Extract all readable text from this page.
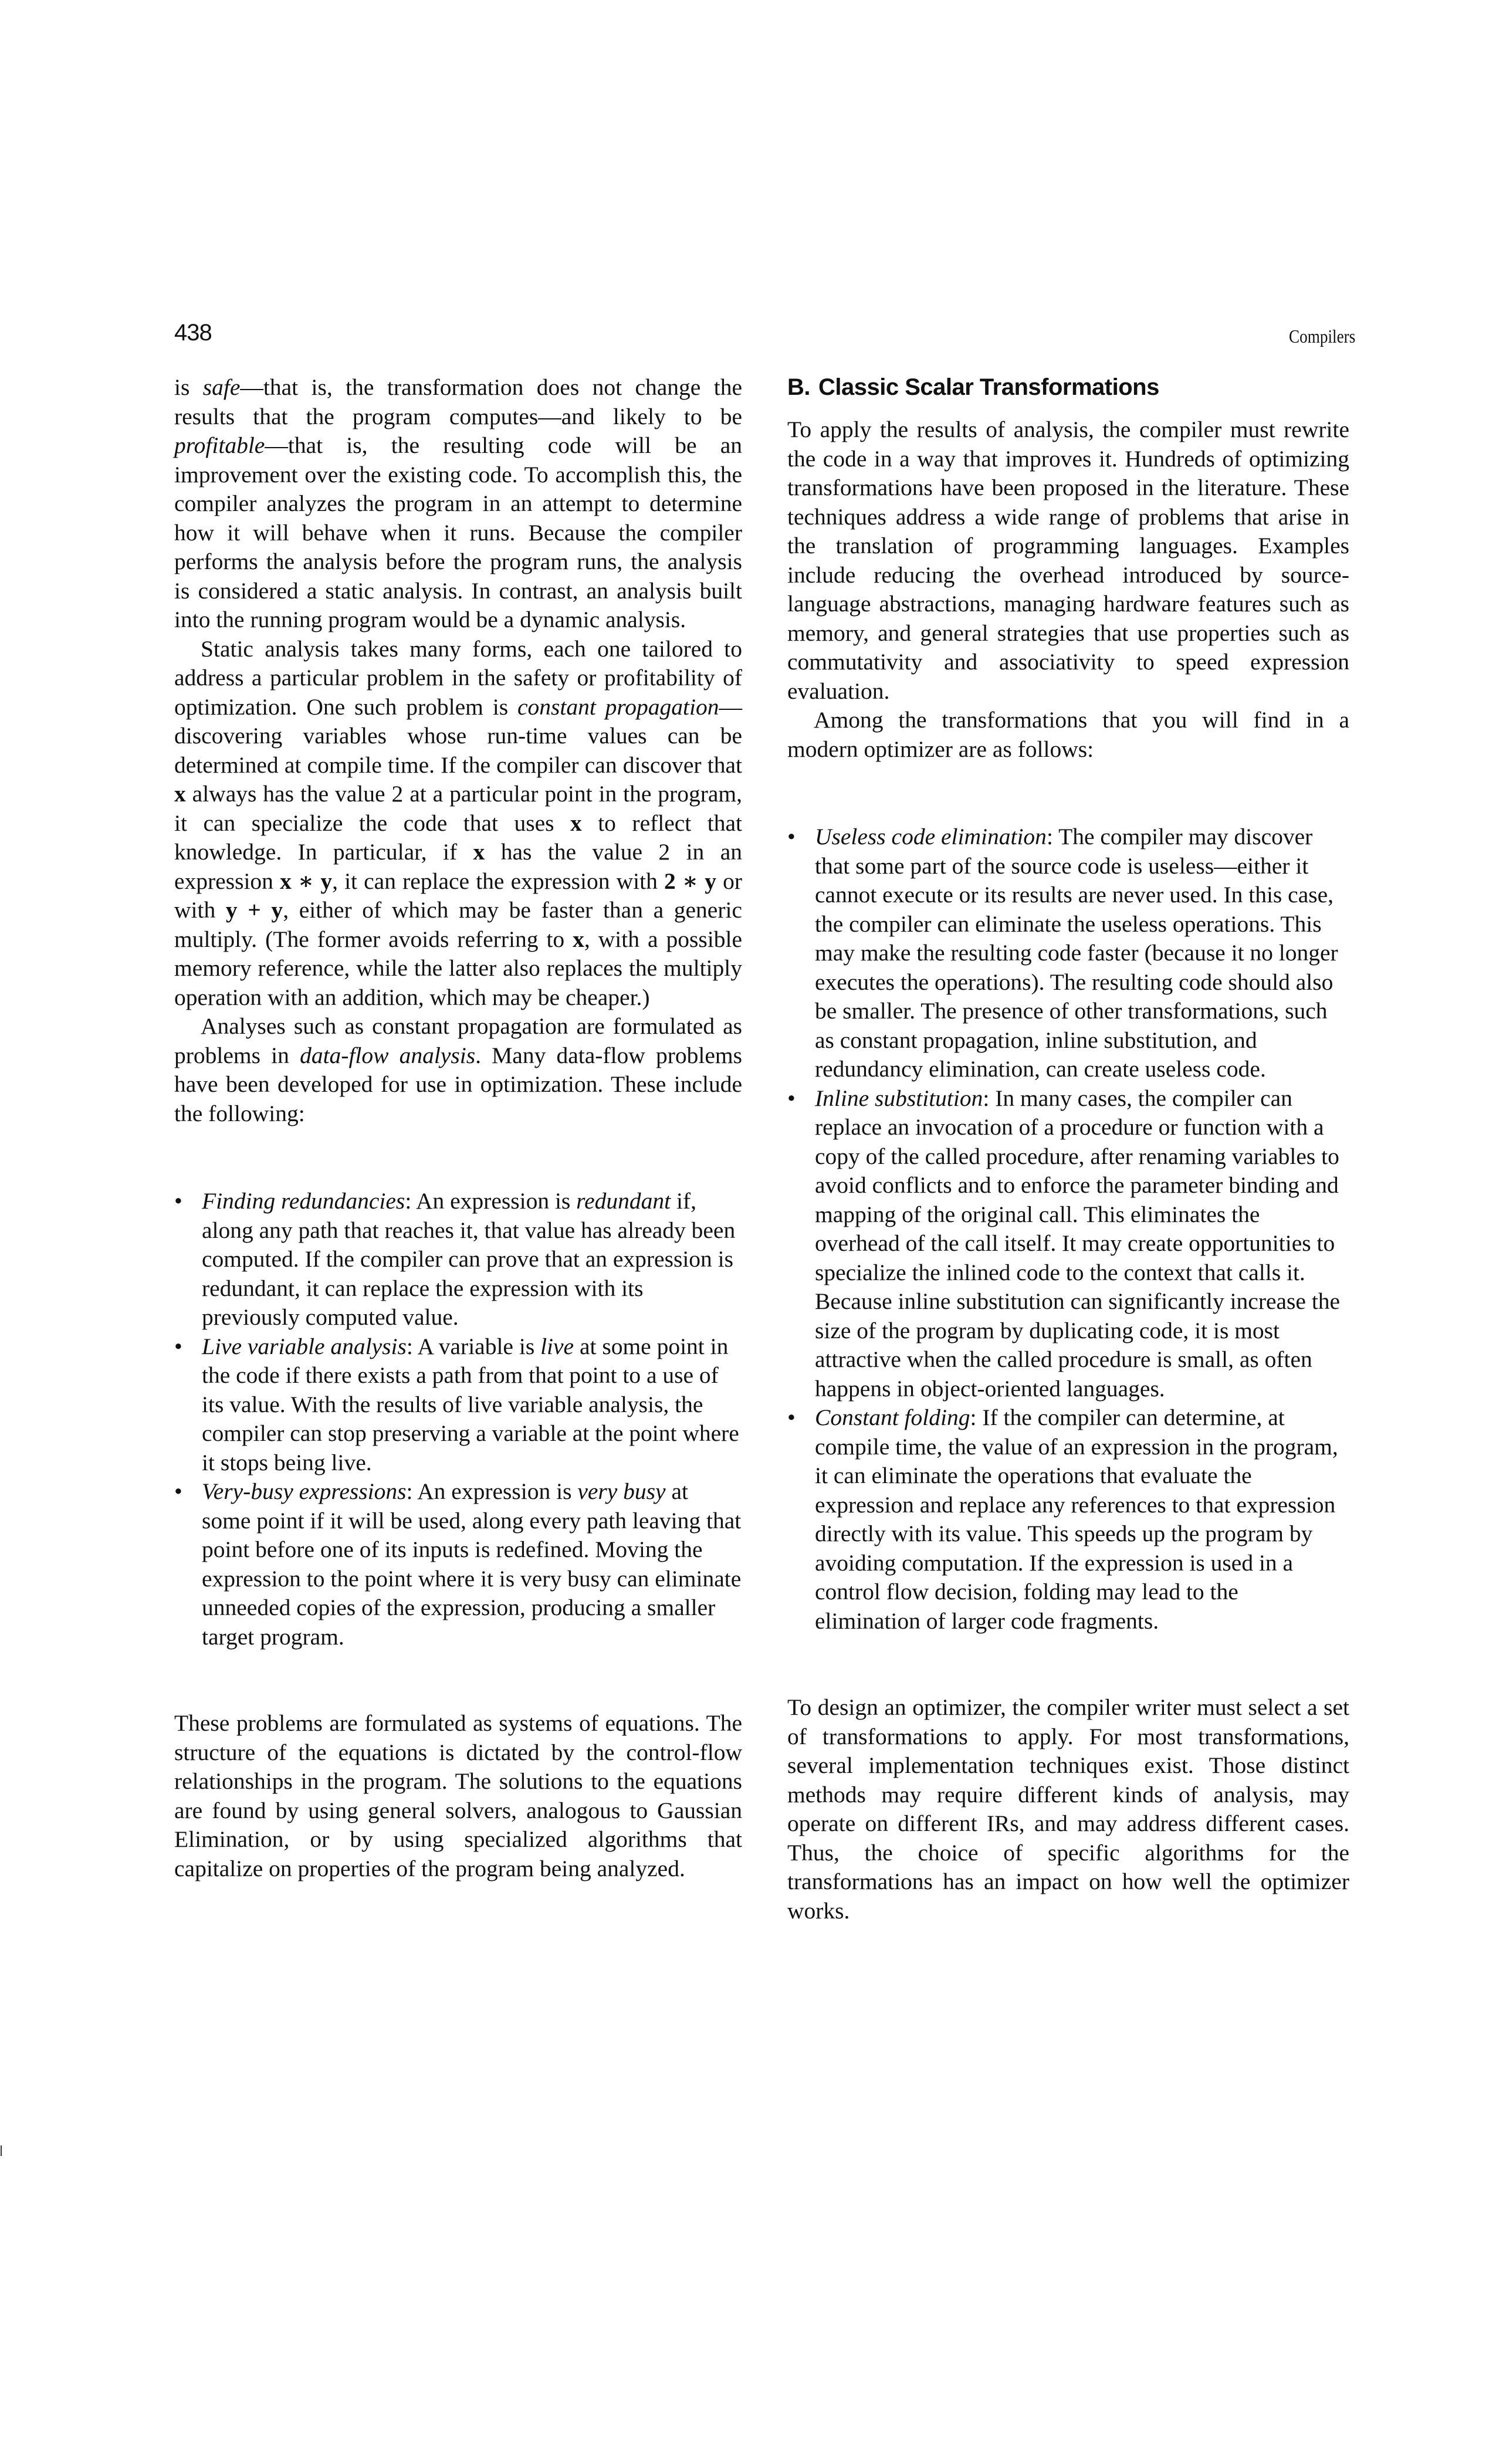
438	Compilers

is safe—that is, the transformation does not change the results that the program computes—and likely to be profitable—that is, the resulting code will be an improvement over the existing code. To accomplish this, the compiler analyzes the program in an attempt to determine how it will behave when it runs. Because the compiler performs the analysis before the program runs, the analysis is considered a static analysis. In contrast, an analysis built into the running program would be a dynamic analysis.

Static analysis takes many forms, each one tailored to address a particular problem in the safety or profitability of optimization. One such problem is constant propagation—discovering variables whose run-time values can be determined at compile time. If the compiler can discover that x always has the value 2 at a particular point in the program, it can specialize the code that uses x to reflect that knowledge. In particular, if x has the value 2 in an expression x ∗ y, it can replace the expression with 2 ∗ y or with y + y, either of which may be faster than a generic multiply. (The former avoids referring to x, with a possible memory reference, while the latter also replaces the multiply operation with an addition, which may be cheaper.)

Analyses such as constant propagation are formulated as problems in data-flow analysis. Many data-flow problems have been developed for use in optimization. These include the following:

• Finding redundancies: An expression is redundant if, along any path that reaches it, that value has already been computed. If the compiler can prove that an expression is redundant, it can replace the expression with its previously computed value.
• Live variable analysis: A variable is live at some point in the code if there exists a path from that point to a use of its value. With the results of live variable analysis, the compiler can stop preserving a variable at the point where it stops being live.
• Very-busy expressions: An expression is very busy at some point if it will be used, along every path leaving that point before one of its inputs is redefined. Moving the expression to the point where it is very busy can eliminate unneeded copies of the expression, producing a smaller target program.

These problems are formulated as systems of equations. The structure of the equations is dictated by the control-flow relationships in the program. The solutions to the equations are found by using general solvers, analogous to Gaussian Elimination, or by using specialized algorithms that capitalize on properties of the program being analyzed.

B. Classic Scalar Transformations

To apply the results of analysis, the compiler must rewrite the code in a way that improves it. Hundreds of optimizing transformations have been proposed in the literature. These techniques address a wide range of problems that arise in the translation of programming languages. Examples include reducing the overhead introduced by source-language abstractions, managing hardware features such as memory, and general strategies that use properties such as commutativity and associativity to speed expression evaluation.

Among the transformations that you will find in a modern optimizer are as follows:

• Useless code elimination: The compiler may discover that some part of the source code is useless—either it cannot execute or its results are never used. In this case, the compiler can eliminate the useless operations. This may make the resulting code faster (because it no longer executes the operations). The resulting code should also be smaller. The presence of other transformations, such as constant propagation, inline substitution, and redundancy elimination, can create useless code.
• Inline substitution: In many cases, the compiler can replace an invocation of a procedure or function with a copy of the called procedure, after renaming variables to avoid conflicts and to enforce the parameter binding and mapping of the original call. This eliminates the overhead of the call itself. It may create opportunities to specialize the inlined code to the context that calls it. Because inline substitution can significantly increase the size of the program by duplicating code, it is most attractive when the called procedure is small, as often happens in object-oriented languages.
• Constant folding: If the compiler can determine, at compile time, the value of an expression in the program, it can eliminate the operations that evaluate the expression and replace any references to that expression directly with its value. This speeds up the program by avoiding computation. If the expression is used in a control flow decision, folding may lead to the elimination of larger code fragments.

To design an optimizer, the compiler writer must select a set of transformations to apply. For most transformations, several implementation techniques exist. Those distinct methods may require different kinds of analysis, may operate on different IRs, and may address different cases. Thus, the choice of specific algorithms for the transformations has an impact on how well the optimizer works.
